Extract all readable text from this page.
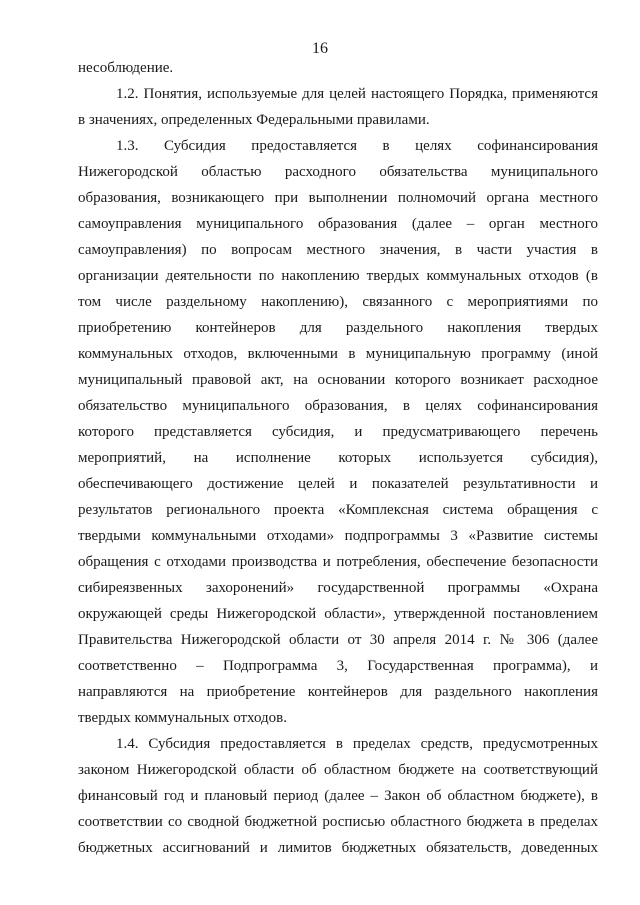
16

несоблюдение.

1.2. Понятия, используемые для целей настоящего Порядка, применяются
в значениях, определенных Федеральными правилами.

1.3. Субсидия предоставляется в целях софинансирования
Нижегородской областью расходного обязательства муниципального
образования, возникающего при выполнении полномочий органа местного
самоуправления муниципального образования (далее – орган местного
самоуправления) по вопросам местного значения, в части участия в
организации деятельности по накоплению твердых коммунальных отходов (в
том числе раздельному накоплению), связанного с мероприятиями по
приобретению контейнеров для раздельного накопления твердых
коммунальных отходов, включенными в муниципальную программу (иной
муниципальный правовой акт, на основании которого возникает расходное
обязательство муниципального образования, в целях софинансирования
которого представляется субсидия, и предусматривающего перечень
мероприятий, на исполнение которых используется субсидия),
обеспечивающего достижение целей и показателей результативности и
результатов регионального проекта «Комплексная система обращения с
твердыми коммунальными отходами» подпрограммы 3 «Развитие системы
обращения с отходами производства и потребления, обеспечение безопасности
сибиреязвенных захоронений» государственной программы «Охрана
окружающей среды Нижегородской области», утвержденной постановлением
Правительства Нижегородской области от 30 апреля 2014 г. № 306 (далее
соответственно – Подпрограмма 3, Государственная программа), и
направляются на приобретение контейнеров для раздельного накопления
твердых коммунальных отходов.

1.4. Субсидия предоставляется в пределах средств, предусмотренных
законом Нижегородской области об областном бюджете на соответствующий
финансовый год и плановый период (далее – Закон об областном бюджете), в
соответствии со сводной бюджетной росписью областного бюджета в пределах
бюджетных ассигнований и лимитов бюджетных обязательств, доведенных
